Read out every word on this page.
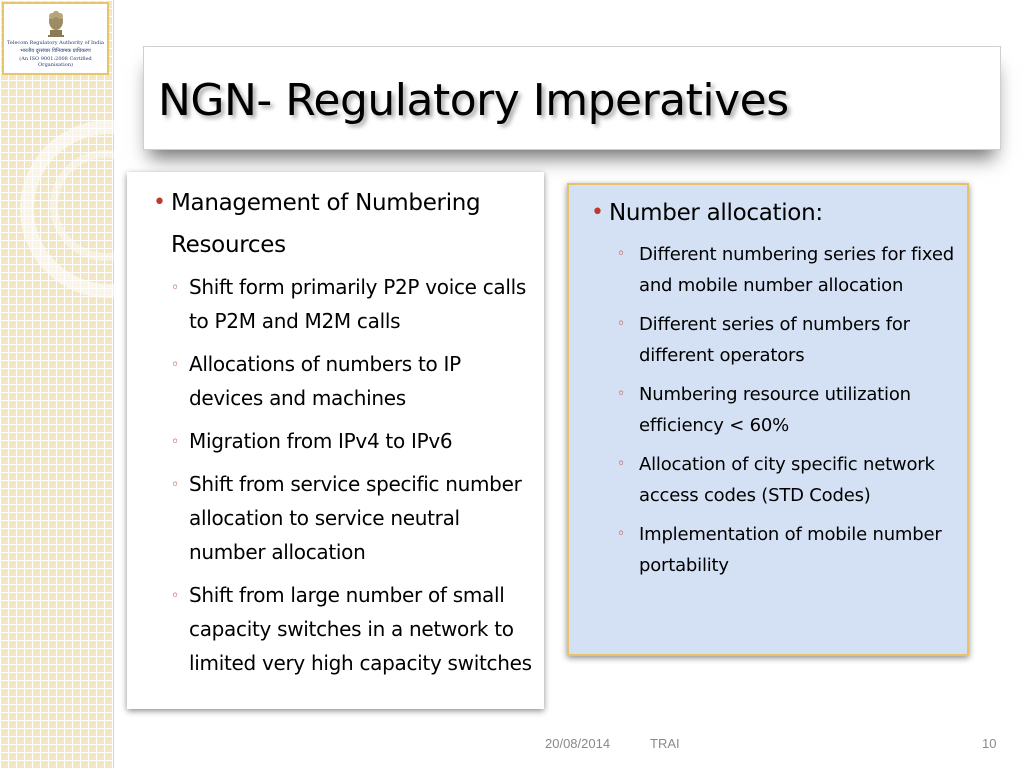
Telecom Regulatory Authority of India
भारतीय दूरसंचार विनियामक प्राधिकरण
(An ISO 9001:2008 Certified Organisation)
NGN- Regulatory Imperatives
• Management of Numbering Resources
◦ Shift form primarily P2P voice calls to P2M and M2M calls
◦ Allocations of numbers to IP devices and machines
◦ Migration from IPv4 to IPv6
◦ Shift from service specific number allocation to service neutral number allocation
◦ Shift from large number of small capacity switches in a network to limited very high capacity switches
• Number allocation:
◦ Different numbering series for fixed and mobile number allocation
◦ Different series of numbers for different operators
◦ Numbering resource utilization efficiency < 60%
◦ Allocation of city specific network access codes (STD Codes)
◦ Implementation of mobile number portability
20/08/2014	TRAI	10
